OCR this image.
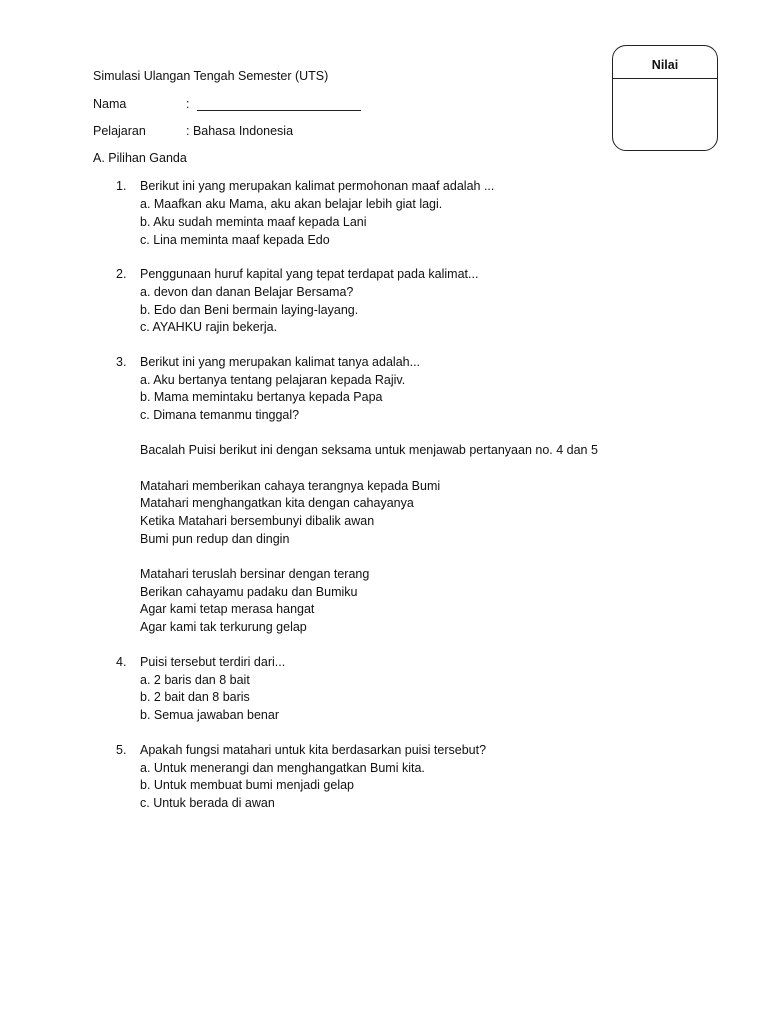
Nilai
Simulasi Ulangan Tengah Semester (UTS)
Nama	:
Pelajaran	: Bahasa Indonesia
A. Pilihan Ganda
1. Berikut ini yang merupakan kalimat permohonan maaf adalah ...
a. Maafkan aku Mama, aku akan belajar lebih giat lagi.
b. Aku sudah meminta maaf kepada Lani
c. Lina meminta maaf kepada Edo
2. Penggunaan huruf kapital yang tepat terdapat pada kalimat...
a. devon dan danan Belajar Bersama?
b. Edo dan Beni bermain laying-layang.
c. AYAHKU rajin bekerja.
3. Berikut ini yang merupakan kalimat tanya adalah...
a. Aku bertanya tentang pelajaran kepada Rajiv.
b. Mama memintaku bertanya kepada Papa
c. Dimana temanmu tinggal?
Bacalah Puisi berikut ini dengan seksama untuk menjawab pertanyaan no. 4 dan 5
Matahari memberikan cahaya terangnya kepada Bumi
Matahari menghangatkan kita dengan cahayanya
Ketika Matahari bersembunyi dibalik awan
Bumi pun redup dan dingin
Matahari teruslah bersinar dengan terang
Berikan cahayamu padaku dan Bumiku
Agar kami tetap merasa hangat
Agar kami tak terkurung gelap
4. Puisi tersebut terdiri dari...
a. 2 baris dan 8 bait
b. 2 bait dan 8 baris
b. Semua jawaban benar
5. Apakah fungsi matahari untuk kita berdasarkan puisi tersebut?
a. Untuk menerangi dan menghangatkan Bumi kita.
b. Untuk membuat bumi menjadi gelap
c. Untuk berada di awan
